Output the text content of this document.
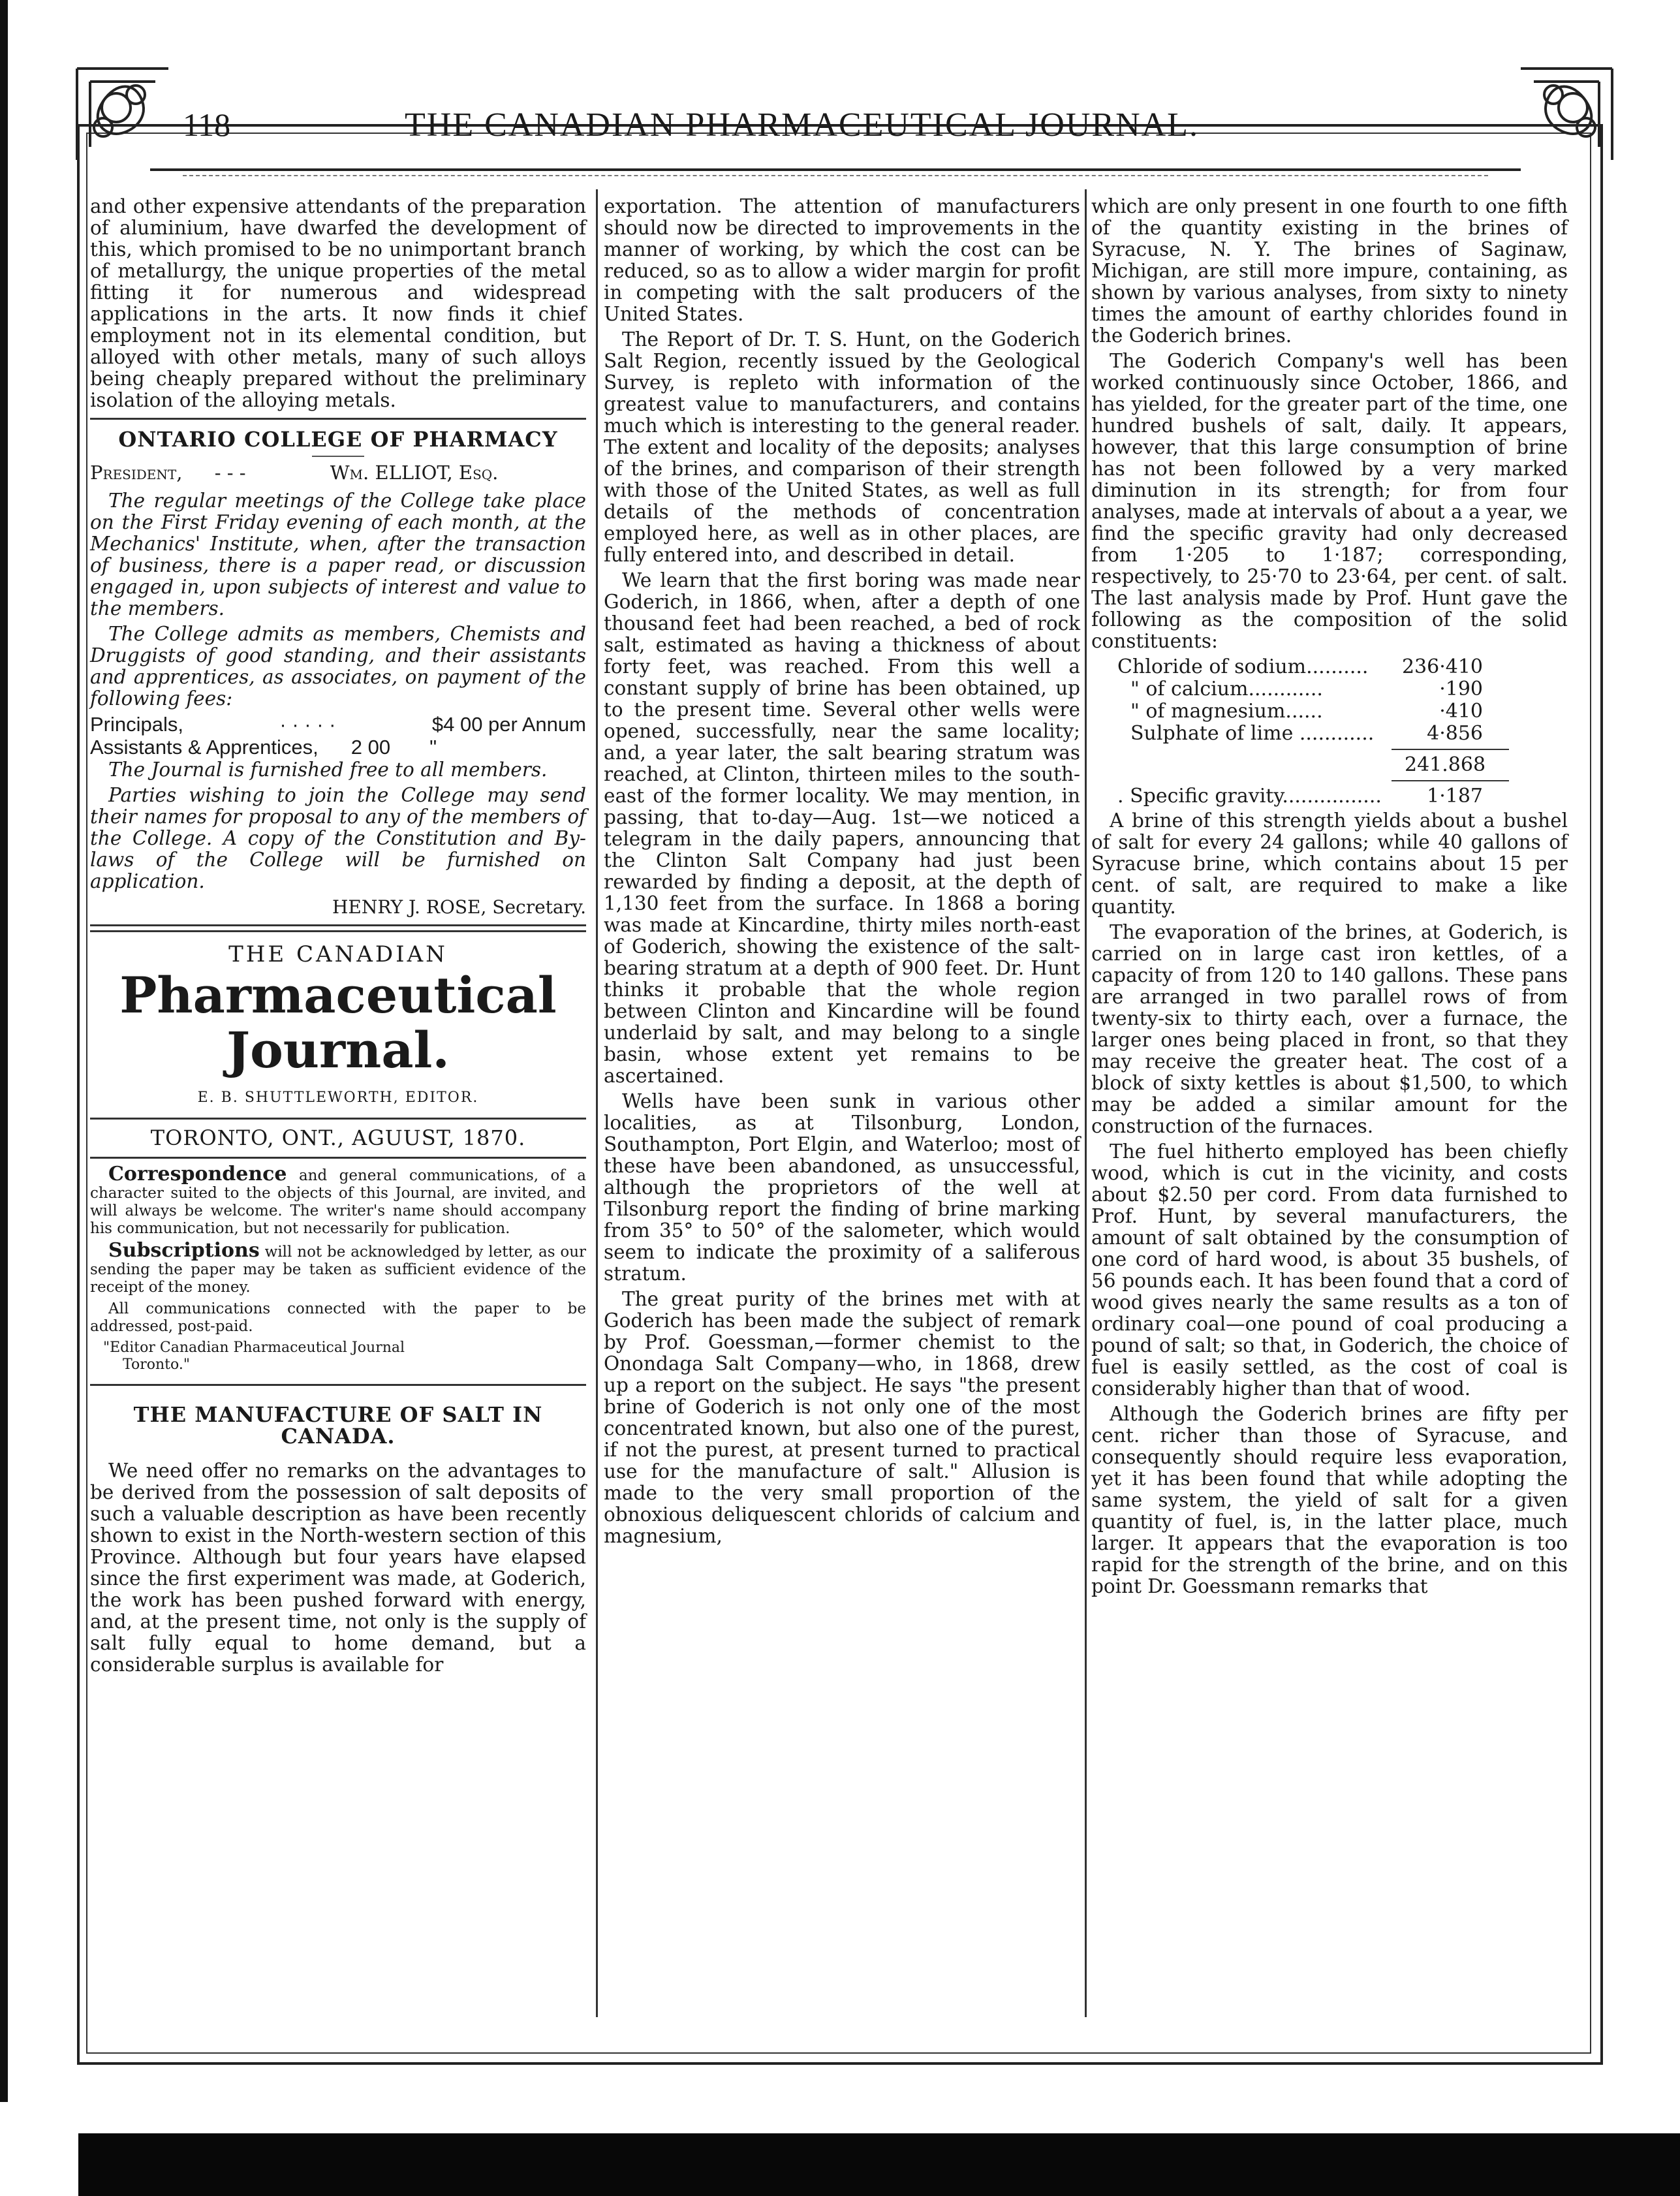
118	THE CANADIAN PHARMACEUTICAL JOURNAL.

and other expensive attendants of the preparation of aluminium, have dwarfed the development of this, which promised to be no unimportant branch of metallurgy, the unique properties of the metal fitting it for numerous and widespread applications in the arts. It now finds it chief employment not in its elemental condition, but alloyed with other metals, many of such alloys being cheaply prepared without the preliminary isolation of the alloying metals.

ONTARIO COLLEGE OF PHARMACY
President, - - -	Wm. ELLIOT, Esq.

The regular meetings of the College take place on the First Friday evening of each month, at the Mechanics' Institute, when, after the transaction of business, there is a paper read, or discussion engaged in, upon subjects of interest and value to the members.

The College admits as members, Chemists and Druggists of good standing, and their assistants and apprentices, as associates, on payment of the following fees:

Principals,	· · · · ·	$4 00 per Annum
Assistants & Apprentices, 2 00 "

The Journal is furnished free to all members.

Parties wishing to join the College may send their names for proposal to any of the members of the College. A copy of the Constitution and By-laws of the College will be furnished on application.

HENRY J. ROSE, Secretary.
THE CANADIAN
Pharmaceutical Journal.
E. B. SHUTTLEWORTH, EDITOR.
TORONTO, ONT., AGUUST, 1870.

Correspondence and general communications, of a character suited to the objects of this Journal, are invited, and will always be welcome. The writer's name should accompany his communication, but not necessarily for publication.

Subscriptions will not be acknowledged by letter, as our sending the paper may be taken as sufficient evidence of the receipt of the money.

All communications connected with the paper to be addressed, post-paid.

"Editor Canadian Pharmaceutical Journal
Toronto."
THE MANUFACTURE OF SALT IN CANADA.

We need offer no remarks on the advantages to be derived from the possession of salt deposits of such a valuable description as have been recently shown to exist in the North-western section of this Province. Although but four years have elapsed since the first experiment was made, at Goderich, the work has been pushed forward with energy, and, at the present time, not only is the supply of salt fully equal to home demand, but a considerable surplus is available for

exportation. The attention of manufacturers should now be directed to improvements in the manner of working, by which the cost can be reduced, so as to allow a wider margin for profit in competing with the salt producers of the United States.

The Report of Dr. T. S. Hunt, on the Goderich Salt Region, recently issued by the Geological Survey, is repleto with information of the greatest value to manufacturers, and contains much which is interesting to the general reader. The extent and locality of the deposits; analyses of the brines, and comparison of their strength with those of the United States, as well as full details of the methods of concentration employed here, as well as in other places, are fully entered into, and described in detail.

We learn that the first boring was made near Goderich, in 1866, when, after a depth of one thousand feet had been reached, a bed of rock salt, estimated as having a thickness of about forty feet, was reached. From this well a constant supply of brine has been obtained, up to the present time. Several other wells were opened, successfully, near the same locality; and, a year later, the salt bearing stratum was reached, at Clinton, thirteen miles to the south-east of the former locality. We may mention, in passing, that to-day—Aug. 1st—we noticed a telegram in the daily papers, announcing that the Clinton Salt Company had just been rewarded by finding a deposit, at the depth of 1,130 feet from the surface. In 1868 a boring was made at Kincardine, thirty miles north-east of Goderich, showing the existence of the salt-bearing stratum at a depth of 900 feet. Dr. Hunt thinks it probable that the whole region between Clinton and Kincardine will be found underlaid by salt, and may belong to a single basin, whose extent yet remains to be ascertained.

Wells have been sunk in various other localities, as at Tilsonburg, London, Southampton, Port Elgin, and Waterloo; most of these have been abandoned, as unsuccessful, although the proprietors of the well at Tilsonburg report the finding of brine marking from 35° to 50° of the salometer, which would seem to indicate the proximity of a saliferous stratum.

The great purity of the brines met with at Goderich has been made the subject of remark by Prof. Goessman,—former chemist to the Onondaga Salt Company—who, in 1868, drew up a report on the subject. He says "the present brine of Goderich is not only one of the most concentrated known, but also one of the purest, if not the purest, at present turned to practical use for the manufacture of salt." Allusion is made to the very small proportion of the obnoxious deliquescent chlorids of calcium and magnesium,

which are only present in one fourth to one fifth of the quantity existing in the brines of Syracuse, N. Y. The brines of Saginaw, Michigan, are still more impure, containing, as shown by various analyses, from sixty to ninety times the amount of earthy chlorides found in the Goderich brines.

The Goderich Company's well has been worked continuously since October, 1866, and has yielded, for the greater part of the time, one hundred bushels of salt, daily. It appears, however, that this large consumption of brine has not been followed by a very marked diminution in its strength; for from four analyses, made at intervals of about a a year, we find the specific gravity had only decreased from 1·205 to 1·187; corresponding, respectively, to 25·70 to 23·64, per cent. of salt. The last analysis made by Prof. Hunt gave the following as the composition of the solid constituents:

Chloride of sodium.......... 236·410
" of calcium............	·190
" of magnesium......	·410
Sulphate of lime ............	4·856
241.868
. Specific gravity................ 1·187

A brine of this strength yields about a bushel of salt for every 24 gallons; while 40 gallons of Syracuse brine, which contains about 15 per cent. of salt, are required to make a like quantity.

The evaporation of the brines, at Goderich, is carried on in large cast iron kettles, of a capacity of from 120 to 140 gallons. These pans are arranged in two parallel rows of from twenty-six to thirty each, over a furnace, the larger ones being placed in front, so that they may receive the greater heat. The cost of a block of sixty kettles is about $1,500, to which may be added a similar amount for the construction of the furnaces.

The fuel hitherto employed has been chiefly wood, which is cut in the vicinity, and costs about $2.50 per cord. From data furnished to Prof. Hunt, by several manufacturers, the amount of salt obtained by the consumption of one cord of hard wood, is about 35 bushels, of 56 pounds each. It has been found that a cord of wood gives nearly the same results as a ton of ordinary coal—one pound of coal producing a pound of salt; so that, in Goderich, the choice of fuel is easily settled, as the cost of coal is considerably higher than that of wood.

Although the Goderich brines are fifty per cent. richer than those of Syracuse, and consequently should require less evaporation, yet it has been found that while adopting the same system, the yield of salt for a given quantity of fuel, is, in the latter place, much larger. It appears that the evaporation is too rapid for the strength of the brine, and on this point Dr. Goessmann remarks that
